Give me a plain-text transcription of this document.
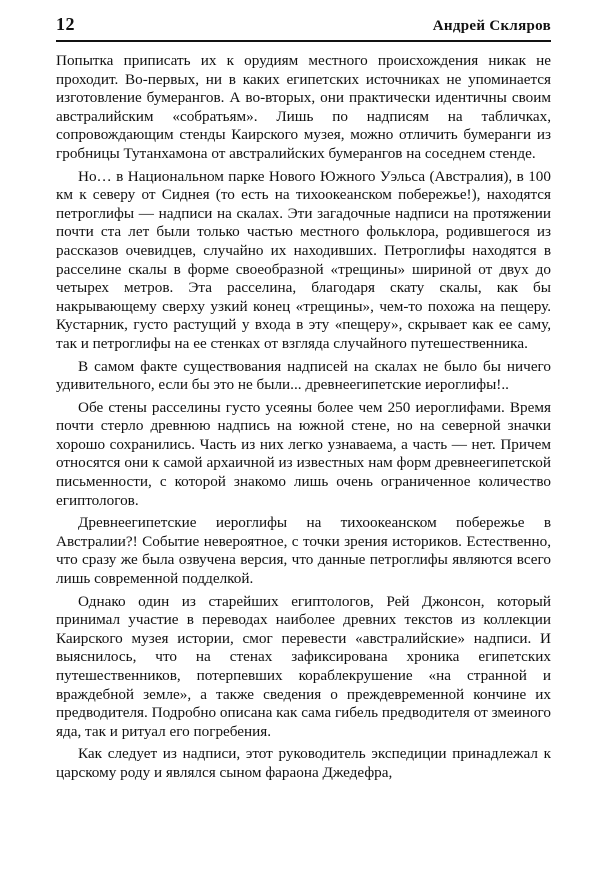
12	Андрей Скляров

Попытка приписать их к орудиям местного происхождения никак не проходит. Во-первых, ни в каких египетских источниках не упоминается изготовление бумерангов. А во-вторых, они практически идентичны своим австралийским «собратьям». Лишь по надписям на табличках, сопровождающим стенды Каирского музея, можно отличить бумеранги из гробницы Тутанхамона от австралийских бумерангов на соседнем стенде.

Но… в Национальном парке Нового Южного Уэльса (Австралия), в 100 км к северу от Сиднея (то есть на тихоокеанском побережье!), находятся петроглифы — надписи на скалах. Эти загадочные надписи на протяжении почти ста лет были только частью местного фольклора, родившегося из рассказов очевидцев, случайно их находивших. Петроглифы находятся в расселине скалы в форме своеобразной «трещины» шириной от двух до четырех метров. Эта расселина, благодаря скату скалы, как бы накрывающему сверху узкий конец «трещины», чем-то похожа на пещеру. Кустарник, густо растущий у входа в эту «пещеру», скрывает как ее саму, так и петроглифы на ее стенках от взгляда случайного путешественника.

В самом факте существования надписей на скалах не было бы ничего удивительного, если бы это не были... древнеегипетские иероглифы!..

Обе стены расселины густо усеяны более чем 250 иероглифами. Время почти стерло древнюю надпись на южной стене, но на северной значки хорошо сохранились. Часть из них легко узнаваема, а часть — нет. Причем относятся они к самой архаичной из известных нам форм древнеегипетской письменности, с которой знакомо лишь очень ограниченное количество египтологов.

Древнеегипетские иероглифы на тихоокеанском побережье в Австралии?! Событие невероятное, с точки зрения историков. Естественно, что сразу же была озвучена версия, что данные петроглифы являются всего лишь современной подделкой.

Однако один из старейших египтологов, Рей Джонсон, который принимал участие в переводах наиболее древних текстов из коллекции Каирского музея истории, смог перевести «австралийские» надписи. И выяснилось, что на стенах зафиксирована хроника египетских путешественников, потерпевших кораблекрушение «на странной и враждебной земле», а также сведения о преждевременной кончине их предводителя. Подробно описана как сама гибель предводителя от змеиного яда, так и ритуал его погребения.

Как следует из надписи, этот руководитель экспедиции принадлежал к царскому роду и являлся сыном фараона Джедефра,
